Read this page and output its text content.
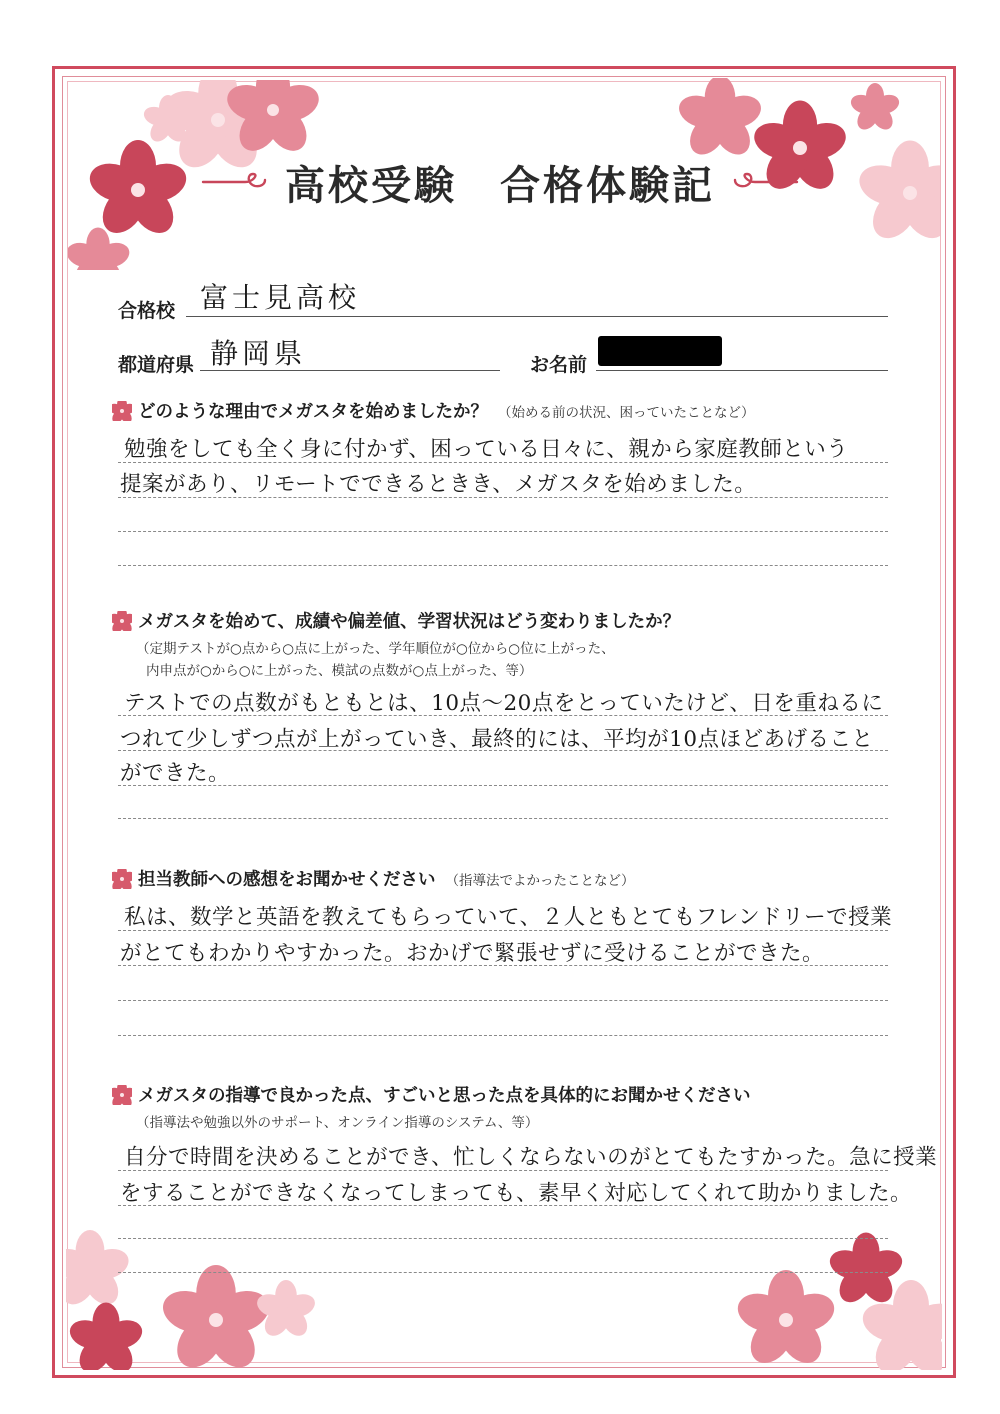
高校受験　合格体験記
合格校 富士見高校
都道府県 静岡県	お名前
どのような理由でメガスタを始めましたか？ （始める前の状況、困っていたことなど）
勉強をしても全く身に付かず、困っている日々に、親から家庭教師という
提案があり、リモートでできるときき、メガスタを始めました。
メガスタを始めて、成績や偏差値、学習状況はどう変わりましたか？
（定期テストが○点から○点に上がった、学年順位が○位から○位に上がった、
内申点が○から○に上がった、模試の点数が○点上がった、等）
テストでの点数がもともとは、10点～20点をとっていたけど、日を重ねるに
つれて少しずつ点が上がっていき、最終的には、平均が10点ほどあげること
ができた。
担当教師への感想をお聞かせください （指導法でよかったことなど）
私は、数学と英語を教えてもらっていて、２人ともとてもフレンドリーで授業
がとてもわかりやすかった。おかげで緊張せずに受けることができた。
メガスタの指導で良かった点、すごいと思った点を具体的にお聞かせください
（指導法や勉強以外のサポート、オンライン指導のシステム、等）
自分で時間を決めることができ、忙しくならないのがとてもたすかった。急に授業
をすることができなくなってしまっても、素早く対応してくれて助かりました。
